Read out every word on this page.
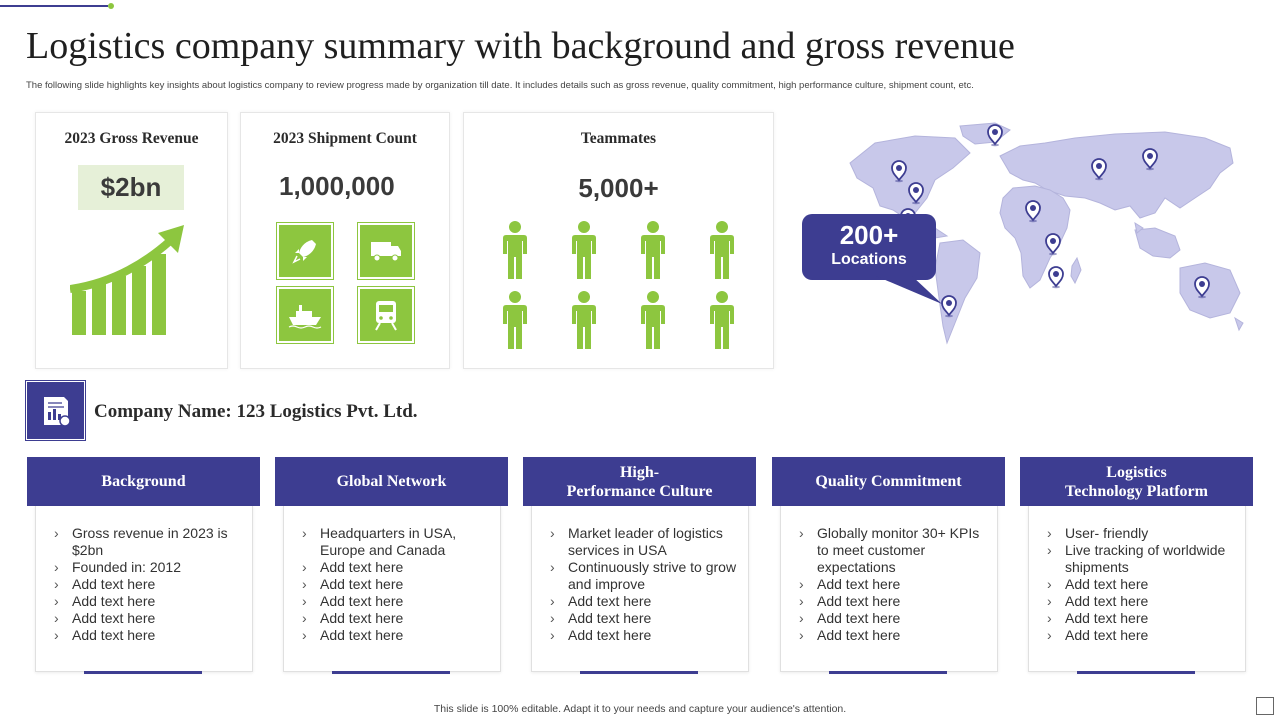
Logistics company summary with background and gross revenue
The following slide highlights key insights about logistics company to review progress made by organization till date. It includes details such as gross revenue, quality commitment, high performance culture, shipment count, etc.
2023 Gross Revenue
$2bn
2023 Shipment Count
1,000,000
Teammates
5,000+
200+
Locations
Company Name: 123 Logistics Pvt. Ltd.
Background
› Gross revenue in 2023 is $2bn
› Founded in: 2012
› Add text here
› Add text here
› Add text here
› Add text here
Global Network
› Headquarters in USA, Europe and Canada
› Add text here
› Add text here
› Add text here
› Add text here
› Add text here
High-
Performance Culture
› Market leader of logistics services in USA
› Continuously strive to grow and improve
› Add text here
› Add text here
› Add text here
Quality Commitment
› Globally monitor 30+ KPIs to meet customer expectations
› Add text here
› Add text here
› Add text here
› Add text here
Logistics
Technology Platform
› User- friendly
› Live tracking of worldwide shipments
› Add text here
› Add text here
› Add text here
› Add text here
This slide is 100% editable. Adapt it to your needs and capture your audience's attention.
